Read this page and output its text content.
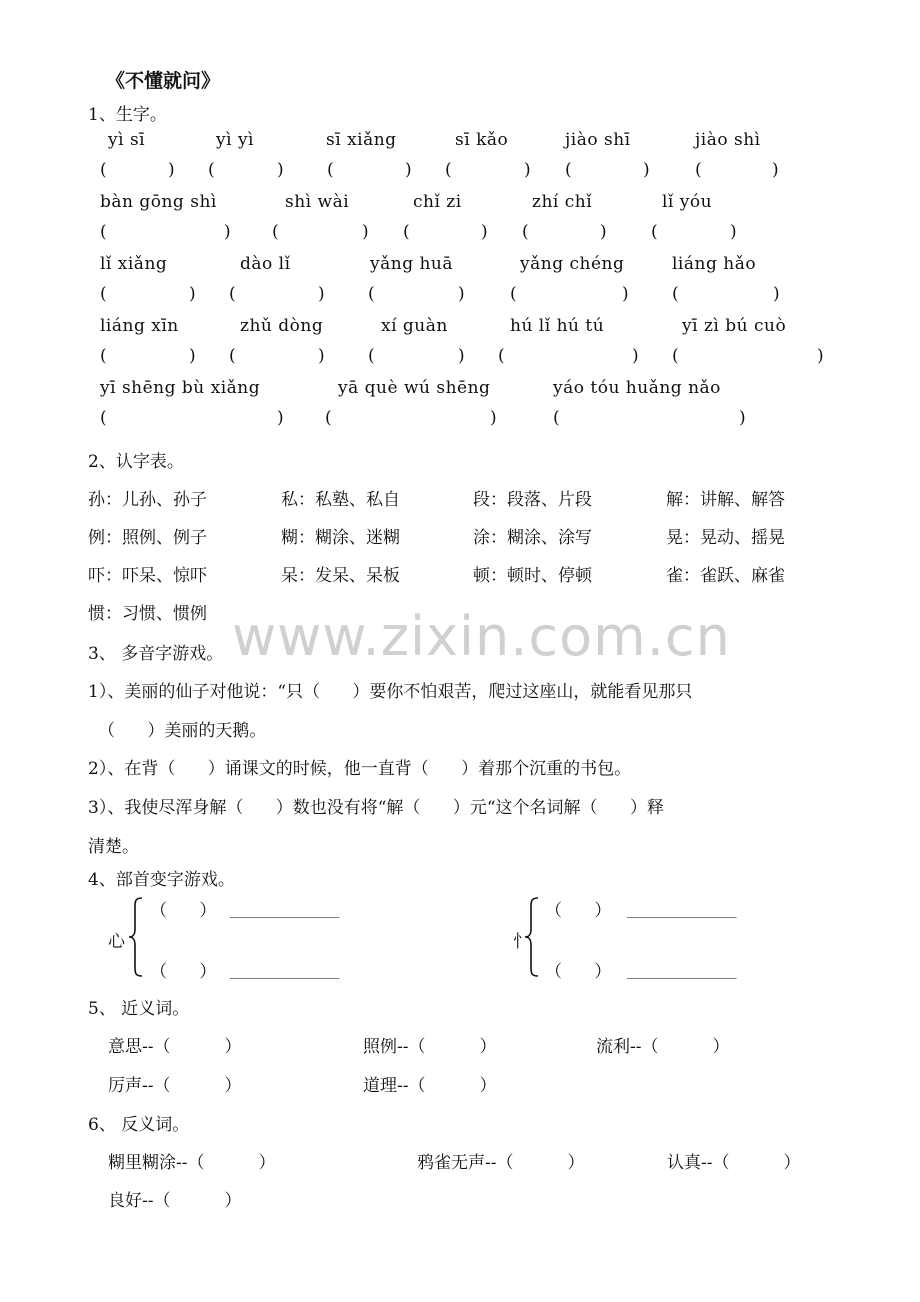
www.zixin.com.cn
《不懂就问》
1、生字。
yì sī	yì yì	sī xiǎng	sī kǎo	jiào shī	jiào shì
(	) (	)	(	) (	) (	)	(	)
bàn gōng shì	shì wài	chǐ zi	zhí chǐ	lǐ yóu
(	) (	) (	) (	)	(	)
lǐ xiǎng	dào lǐ	yǎng huā	yǎng chéng	liáng hǎo
(	) (	)	(	)	(	)	(	)
liáng xīn	zhǔ dòng	xí guàn	hú lǐ hú tú	yī zì bú cuò
(	) (	)	(	) (	) (	)
yī shēng bù xiǎng	yā què wú shēng	yáo tóu huǎng nǎo
(	) (	)	(	)
2、认字表。
孙：儿孙、孙子	私：私塾、私自	段：段落、片段	解：讲解、解答
例：照例、例子	糊：糊涂、迷糊	涂：糊涂、涂写	晃：晃动、摇晃
吓：吓呆、惊吓	呆：发呆、呆板	顿：顿时、停顿	雀：雀跃、麻雀
惯：习惯、惯例
3、 多音字游戏。
1）、美丽的仙子对他说：“只（      ）要你不怕艰苦，爬过这座山，就能看见那只
（      ）美丽的天鹅。
2）、在背（      ）诵课文的时候，他一直背（      ）着那个沉重的书包。
3）、我使尽浑身解（      ）数也没有将“解（      ）元“这个名词解（      ）释
清楚。
4、部首变字游戏。
心
（      ） _____________
（      ） _____________
忄
（      ） _____________
（      ） _____________
5、 近义词。
意思--（          ）	照例--（          ）	流利--（          ）
厉声--（          ）	道理--（          ）
6、 反义词。
糊里糊涂--（          ）	鸦雀无声--（          ）	认真--（          ）
良好--（          ）
